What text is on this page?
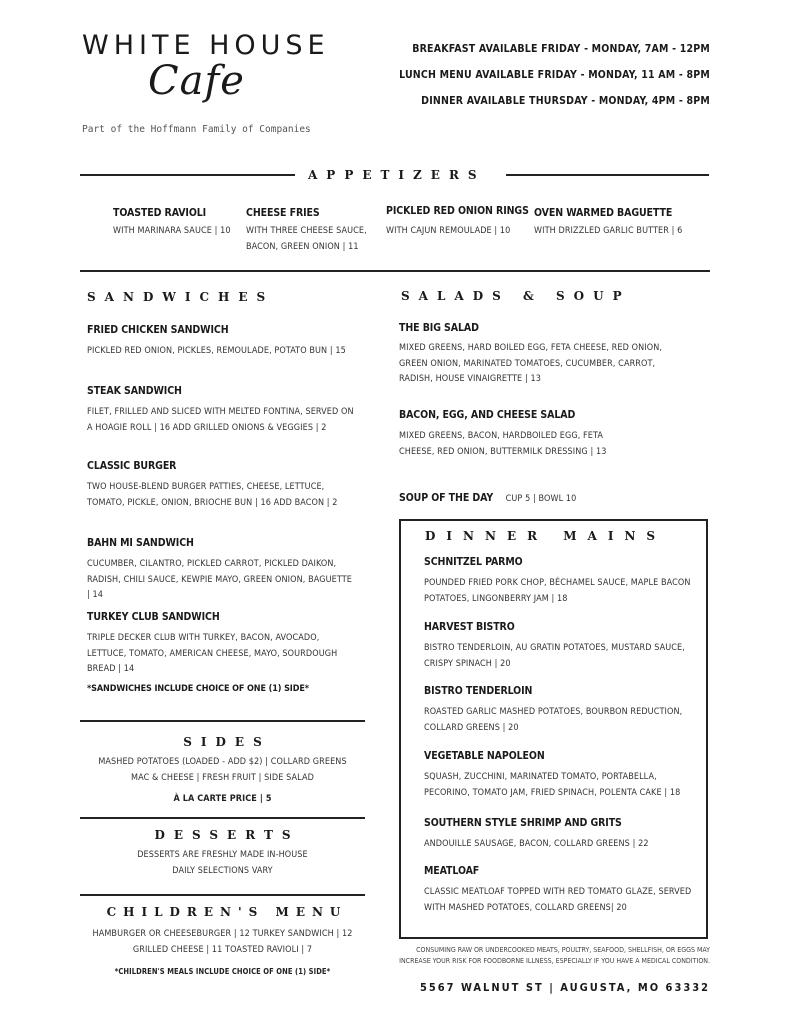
WHITE HOUSE
Cafe
Part of the Hoffmann Family of Companies
BREAKFAST AVAILABLE FRIDAY - MONDAY, 7AM - 12PM
LUNCH MENU AVAILABLE FRIDAY - MONDAY, 11 AM - 8PM
DINNER AVAILABLE THURSDAY - MONDAY, 4PM - 8PM
APPETIZERS
TOASTED RAVIOLI
WITH MARINARA SAUCE | 10
CHEESE FRIES
WITH THREE CHEESE SAUCE, BACON, GREEN ONION | 11
PICKLED RED ONION RINGS
WITH CAJUN REMOULADE | 10
OVEN WARMED BAGUETTE
WITH DRIZZLED GARLIC BUTTER | 6
SANDWICHES
FRIED CHICKEN SANDWICH
PICKLED RED ONION, PICKLES, REMOULADE, POTATO BUN | 15
STEAK SANDWICH
FILET, FRILLED AND SLICED WITH MELTED FONTINA, SERVED ON A HOAGIE ROLL | 16 ADD GRILLED ONIONS & VEGGIES | 2
CLASSIC BURGER
TWO HOUSE-BLEND BURGER PATTIES, CHEESE, LETTUCE, TOMATO, PICKLE, ONION, BRIOCHE BUN | 16 ADD BACON | 2
BAHN MI SANDWICH
CUCUMBER, CILANTRO, PICKLED CARROT, PICKLED DAIKON, RADISH, CHILI SAUCE, KEWPIE MAYO, GREEN ONION, BAGUETTE | 14
TURKEY CLUB SANDWICH
TRIPLE DECKER CLUB WITH TURKEY, BACON, AVOCADO, LETTUCE, TOMATO, AMERICAN CHEESE, MAYO, SOURDOUGH BREAD | 14
*SANDWICHES INCLUDE CHOICE OF ONE (1) SIDE*
SIDES
MASHED POTATOES (LOADED - ADD $2) | COLLARD GREENS
MAC & CHEESE | FRESH FRUIT | SIDE SALAD
À LA CARTE PRICE | 5
DESSERTS
DESSERTS ARE FRESHLY MADE IN-HOUSE
DAILY SELECTIONS VARY
CHILDREN'S MENU
HAMBURGER OR CHEESEBURGER | 12 TURKEY SANDWICH | 12
GRILLED CHEESE | 11 TOASTED RAVIOLI | 7
*CHILDREN'S MEALS INCLUDE CHOICE OF ONE (1) SIDE*
SALADS & SOUP
THE BIG SALAD
MIXED GREENS, HARD BOILED EGG, FETA CHEESE, RED ONION, GREEN ONION, MARINATED TOMATOES, CUCUMBER, CARROT, RADISH, HOUSE VINAIGRETTE | 13
BACON, EGG, AND CHEESE SALAD
MIXED GREENS, BACON, HARDBOILED EGG, FETA CHEESE, RED ONION, BUTTERMILK DRESSING | 13
SOUP OF THE DAY CUP 5 | BOWL 10
DINNER MAINS
SCHNITZEL PARMO
POUNDED FRIED PORK CHOP, BÉCHAMEL SAUCE, MAPLE BACON POTATOES, LINGONBERRY JAM | 18
HARVEST BISTRO
BISTRO TENDERLOIN, AU GRATIN POTATOES, MUSTARD SAUCE, CRISPY SPINACH | 20
BISTRO TENDERLOIN
ROASTED GARLIC MASHED POTATOES, BOURBON REDUCTION, COLLARD GREENS | 20
VEGETABLE NAPOLEON
SQUASH, ZUCCHINI, MARINATED TOMATO, PORTABELLA, PECORINO, TOMATO JAM, FRIED SPINACH, POLENTA CAKE | 18
SOUTHERN STYLE SHRIMP AND GRITS
ANDOUILLE SAUSAGE, BACON, COLLARD GREENS | 22
MEATLOAF
CLASSIC MEATLOAF TOPPED WITH RED TOMATO GLAZE, SERVED WITH MASHED POTATOES, COLLARD GREENS| 20
CONSUMING RAW OR UNDERCOOKED MEATS, POULTRY, SEAFOOD, SHELLFISH, OR EGGS MAY
INCREASE YOUR RISK FOR FOODBORNE ILLNESS, ESPECIALLY IF YOU HAVE A MEDICAL CONDITION.
5567 WALNUT ST | AUGUSTA, MO 63332
